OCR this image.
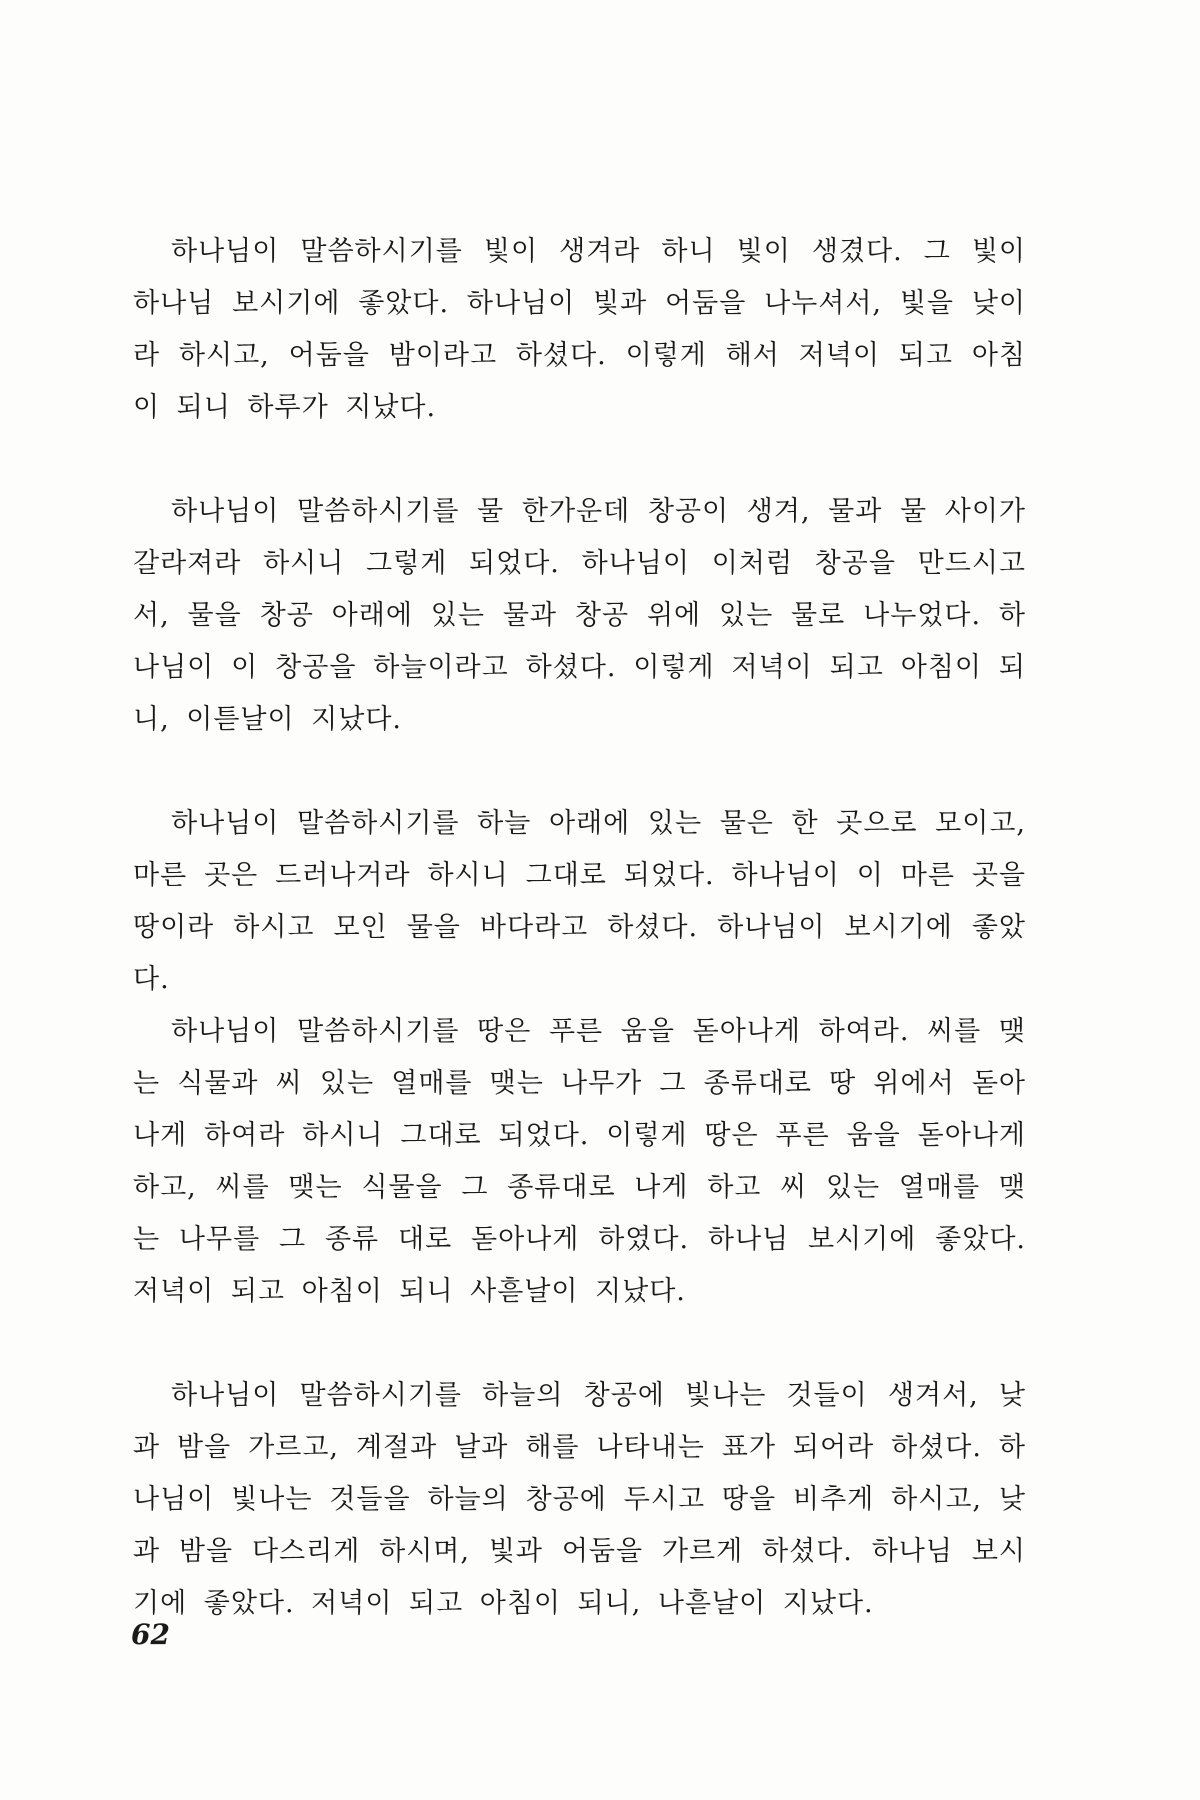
하나님이 말씀하시기를 빛이 생겨라 하니 빛이 생겼다. 그 빛이 하나님 보시기에 좋았다. 하나님이 빛과 어둠을 나누셔서, 빛을 낮이라 하시고, 어둠을 밤이라고 하셨다. 이렇게 해서 저녁이 되고 아침이 되니 하루가 지났다.

하나님이 말씀하시기를 물 한가운데 창공이 생겨, 물과 물 사이가 갈라져라 하시니 그렇게 되었다. 하나님이 이처럼 창공을 만드시고서, 물을 창공 아래에 있는 물과 창공 위에 있는 물로 나누었다. 하나님이 이 창공을 하늘이라고 하셨다. 이렇게 저녁이 되고 아침이 되니, 이튿날이 지났다.

하나님이 말씀하시기를 하늘 아래에 있는 물은 한 곳으로 모이고, 마른 곳은 드러나거라 하시니 그대로 되었다. 하나님이 이 마른 곳을 땅이라 하시고 모인 물을 바다라고 하셨다. 하나님이 보시기에 좋았다.

하나님이 말씀하시기를 땅은 푸른 움을 돋아나게 하여라. 씨를 맺는 식물과 씨 있는 열매를 맺는 나무가 그 종류대로 땅 위에서 돋아나게 하여라 하시니 그대로 되었다. 이렇게 땅은 푸른 움을 돋아나게 하고, 씨를 맺는 식물을 그 종류대로 나게 하고 씨 있는 열매를 맺는 나무를 그 종류 대로 돋아나게 하였다. 하나님 보시기에 좋았다. 저녁이 되고 아침이 되니 사흗날이 지났다.

하나님이 말씀하시기를 하늘의 창공에 빛나는 것들이 생겨서, 낮과 밤을 가르고, 계절과 날과 해를 나타내는 표가 되어라 하셨다. 하나님이 빛나는 것들을 하늘의 창공에 두시고 땅을 비추게 하시고, 낮과 밤을 다스리게 하시며, 빛과 어둠을 가르게 하셨다. 하나님 보시기에 좋았다. 저녁이 되고 아침이 되니, 나흗날이 지났다.

62
